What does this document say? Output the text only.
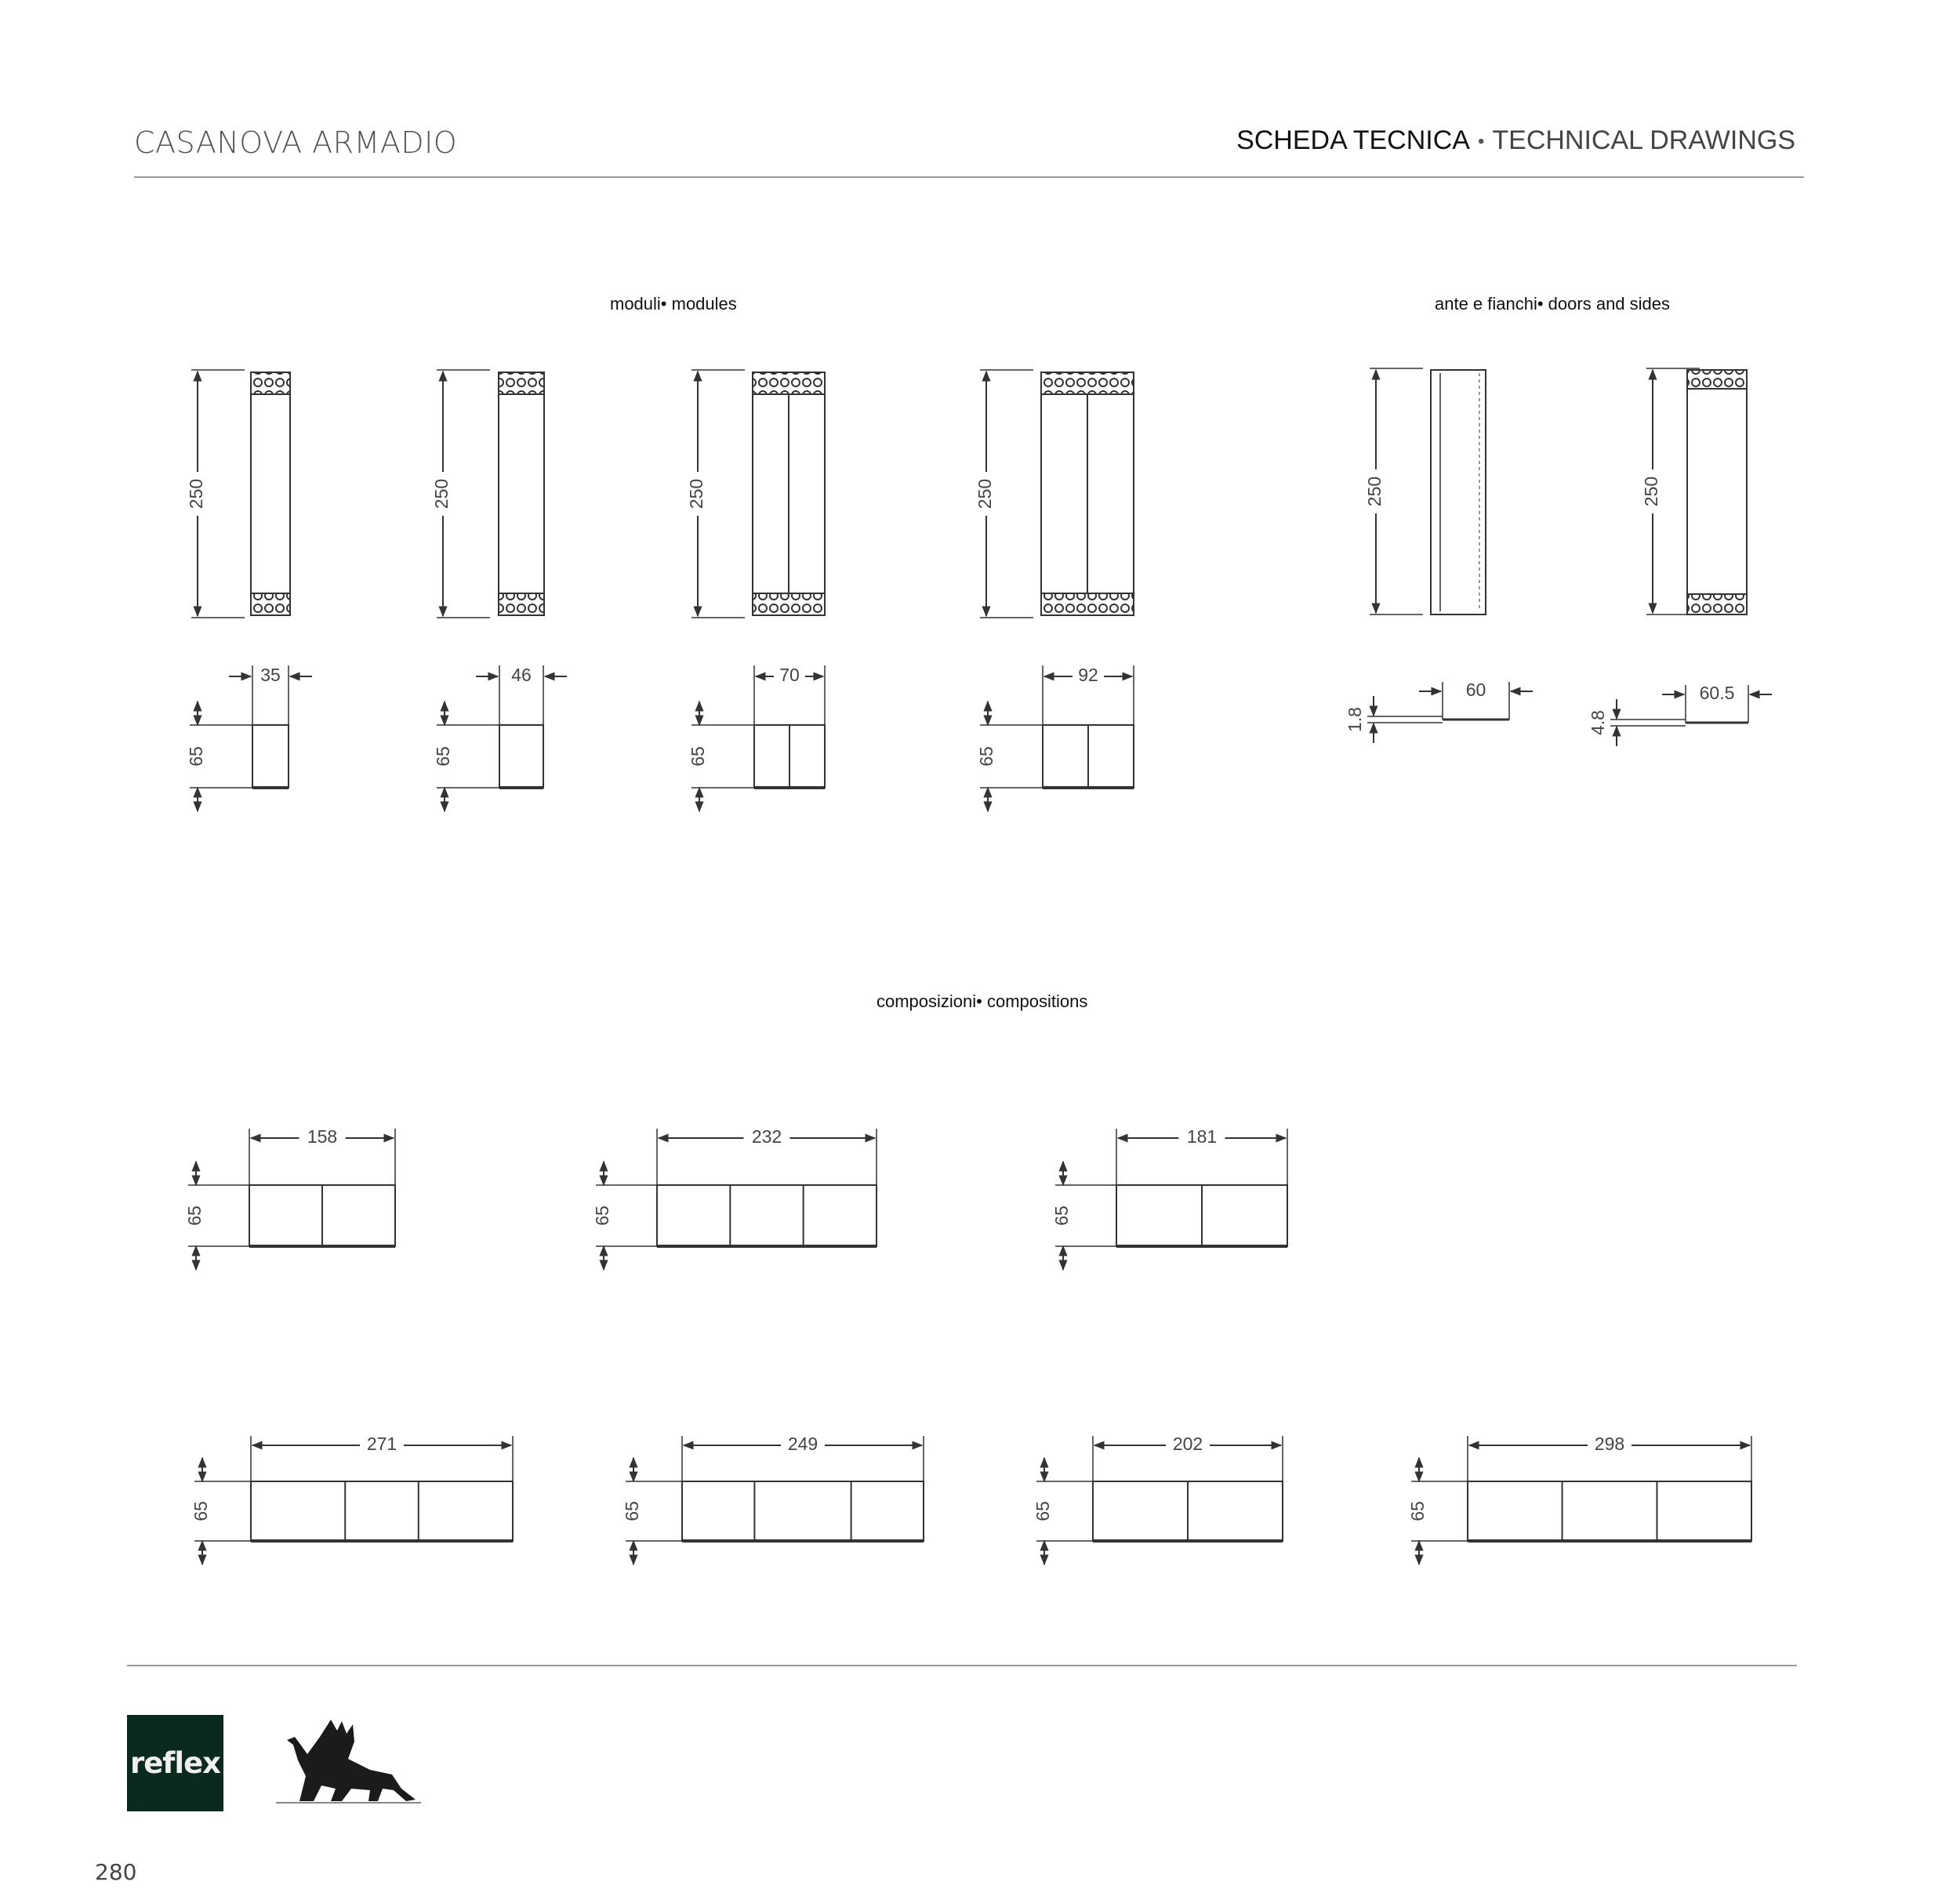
CASANOVA ARMADIO	SCHEDA TECNICA • TECHNICAL DRAWINGS
moduli• modules	ante e fianchi• doors and sides
composizioni• compositions
250
35
65
250
46
65
250
70
65
250
92
65
250
60
1.8
250
60.5
4.8
158
65
232
65
181
65
271
65
249
65
202
65
298
65
reflex
280
